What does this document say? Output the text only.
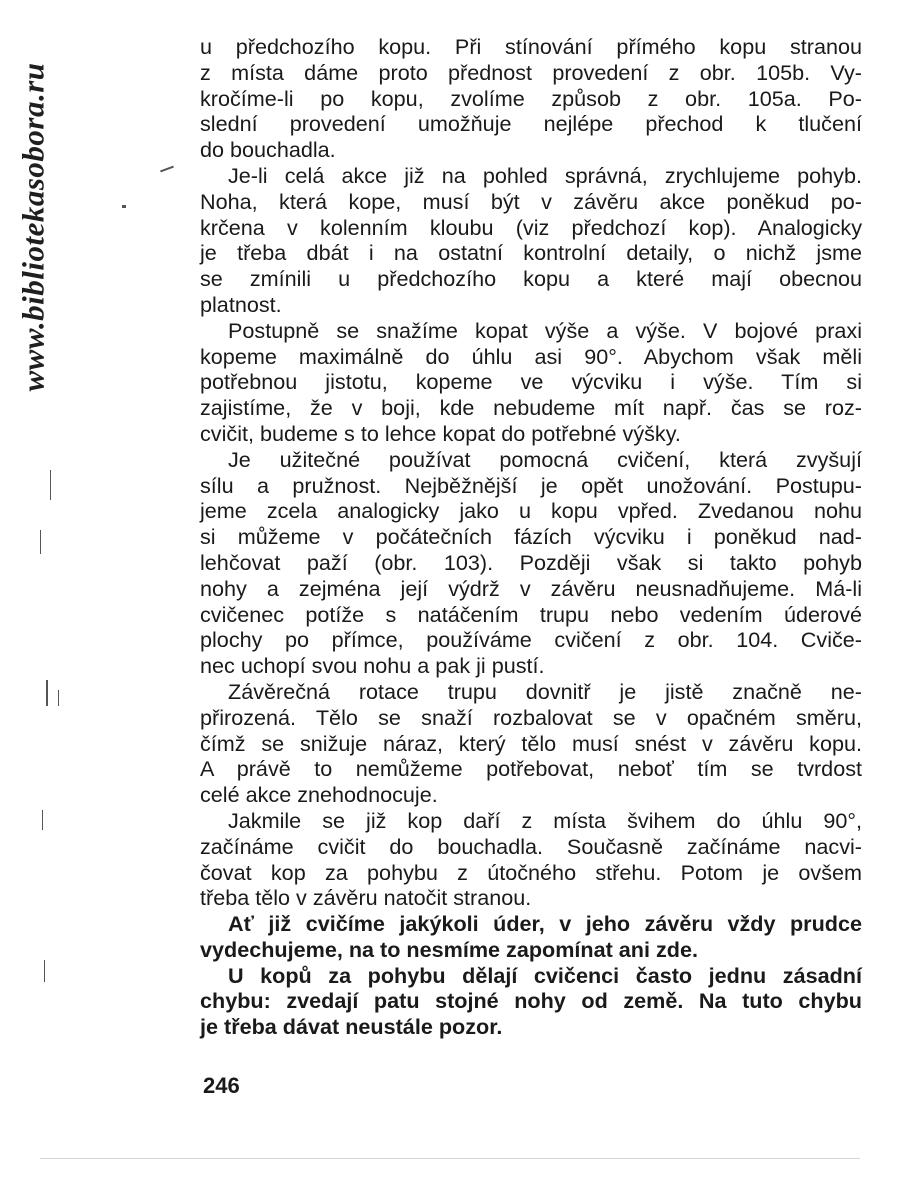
www.bibliotekasobora.ru

u předchozího kopu. Při stínování přímého kopu stranou
z místa dáme proto přednost provedení z obr. 105b. Vy-
kročíme-li po kopu, zvolíme způsob z obr. 105a. Po-
slední provedení umožňuje nejlépe přechod k tlučení
do bouchadla.

Je-li celá akce již na pohled správná, zrychlujeme pohyb.
Noha, která kope, musí být v závěru akce poněkud po-
krčena v kolenním kloubu (viz předchozí kop). Analogicky
je třeba dbát i na ostatní kontrolní detaily, o nichž jsme
se zmínili u předchozího kopu a které mají obecnou
platnost.

Postupně se snažíme kopat výše a výše. V bojové praxi
kopeme maximálně do úhlu asi 90°. Abychom však měli
potřebnou jistotu, kopeme ve výcviku i výše. Tím si
zajistíme, že v boji, kde nebudeme mít např. čas se roz-
cvičit, budeme s to lehce kopat do potřebné výšky.

Je užitečné používat pomocná cvičení, která zvyšují
sílu a pružnost. Nejběžnější je opět unožování. Postupu-
jeme zcela analogicky jako u kopu vpřed. Zvedanou nohu
si můžeme v počátečních fázích výcviku i poněkud nad-
lehčovat paží (obr. 103). Později však si takto pohyb
nohy a zejména její výdrž v závěru neusnadňujeme. Má-li
cvičenec potíže s natáčením trupu nebo vedením úderové
plochy po přímce, používáme cvičení z obr. 104. Cviče-
nec uchopí svou nohu a pak ji pustí.

Závěrečná rotace trupu dovnitř je jistě značně ne-
přirozená. Tělo se snaží rozbalovat se v opačném směru,
čímž se snižuje náraz, který tělo musí snést v závěru kopu.
A právě to nemůžeme potřebovat, neboť tím se tvrdost
celé akce znehodnocuje.

Jakmile se již kop daří z místa švihem do úhlu 90°,
začínáme cvičit do bouchadla. Současně začínáme nacvi-
čovat kop za pohybu z útočného střehu. Potom je ovšem
třeba tělo v závěru natočit stranou.

Ať již cvičíme jakýkoli úder, v jeho závěru vždy prudce
vydechujeme, na to nesmíme zapomínat ani zde.

U kopů za pohybu dělají cvičenci často jednu zásadní
chybu: zvedají patu stojné nohy od země. Na tuto chybu
je třeba dávat neustále pozor.

246
